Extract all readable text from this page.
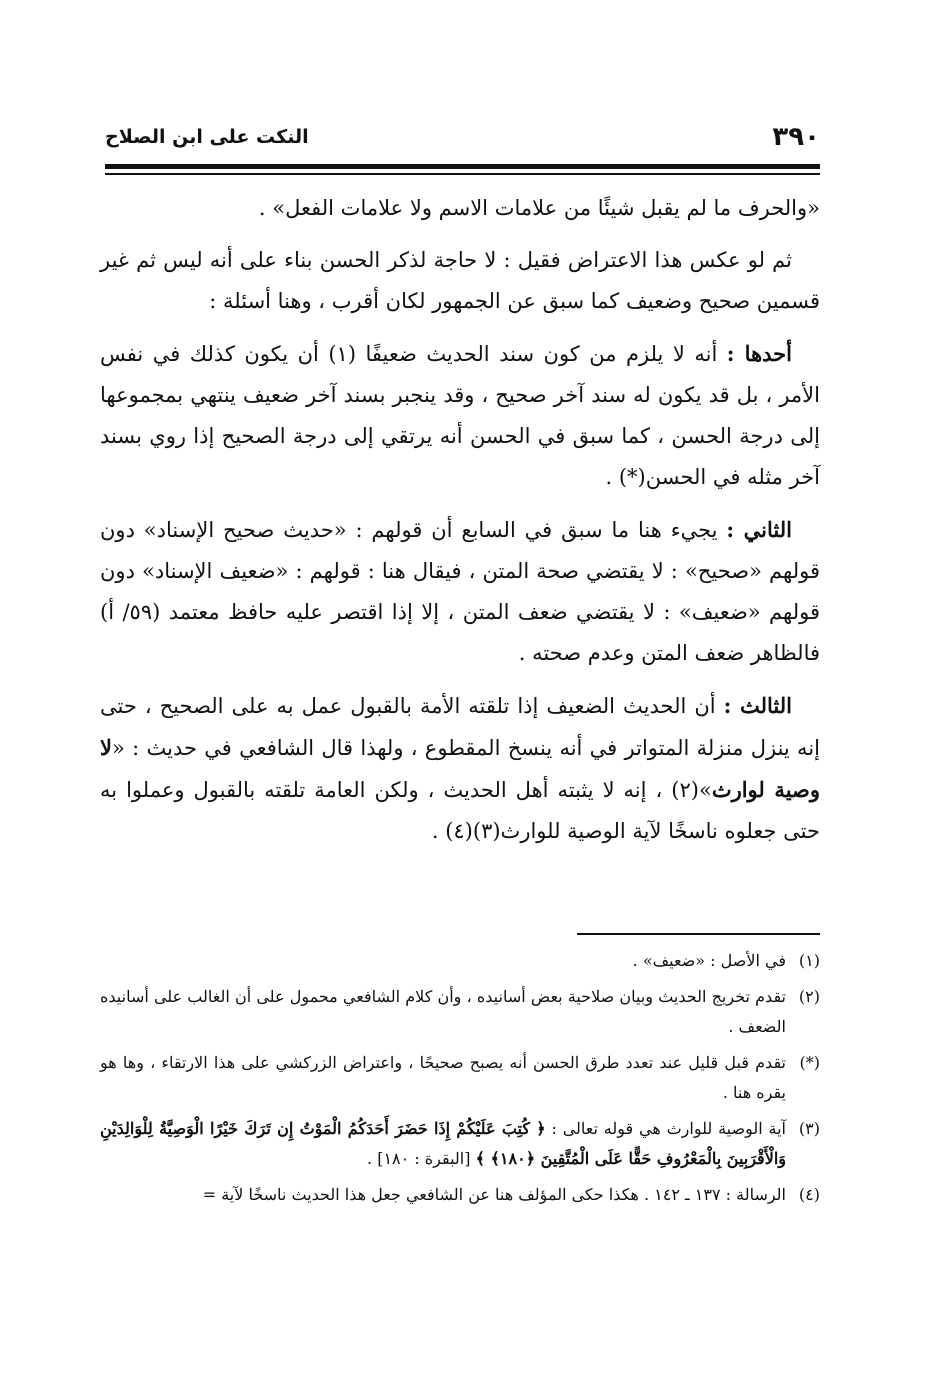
٣٩٠
النكت على ابن الصلاح

«والحرف ما لم يقبل شيئًا من علامات الاسم ولا علامات الفعل» .

ثم لو عكس هذا الاعتراض فقيل : لا حاجة لذكر الحسن بناء على أنه ليس ثم غير قسمين صحيح وضعيف كما سبق عن الجمهور لكان أقرب ، وهنا أسئلة :

أحدها : أنه لا يلزم من كون سند الحديث ضعيفًا (١) أن يكون كذلك في نفس الأمر ، بل قد يكون له سند آخر صحيح ، وقد ينجبر بسند آخر ضعيف ينتهي بمجموعها إلى درجة الحسن ، كما سبق في الحسن أنه يرتقي إلى درجة الصحيح إذا روي بسند آخر مثله في الحسن(*) .

الثاني : يجيء هنا ما سبق في السابع أن قولهم : «حديث صحيح الإسناد» دون قولهم «صحيح» : لا يقتضي صحة المتن ، فيقال هنا : قولهم : «ضعيف الإسناد» دون قولهم «ضعيف» : لا يقتضي ضعف المتن ، إلا إذا اقتصر عليه حافظ معتمد (٥٩/ أ) فالظاهر ضعف المتن وعدم صحته .

الثالث : أن الحديث الضعيف إذا تلقته الأمة بالقبول عمل به على الصحيح ، حتى إنه ينزل منزلة المتواتر في أنه ينسخ المقطوع ، ولهذا قال الشافعي في حديث : «لا وصية لوارث»(٢) ، إنه لا يثبته أهل الحديث ، ولكن العامة تلقته بالقبول وعملوا به حتى جعلوه ناسخًا لآية الوصية للوارث(٣)(٤) .

(١)
في الأصل : «ضعيف» .
(٢)
تقدم تخريج الحديث وبيان صلاحية بعض أسانيده ، وأن كلام الشافعي محمول على أن الغالب على أسانيده الضعف .
(*)
تقدم قبل قليل عند تعدد طرق الحسن أنه يصبح صحيحًا ، واعتراض الزركشي على هذا الارتقاء ، وها هو يقره هنا .
(٣)
آية الوصية للوارث هي قوله تعالى : ﴿ كُتِبَ عَلَيْكُمْ إِذَا حَضَرَ أَحَدَكُمُ الْمَوْتُ إِن تَرَكَ خَيْرًا الْوَصِيَّةُ لِلْوَالِدَيْنِ وَالْأَقْرَبِينَ بِالْمَعْرُوفِ حَقًّا عَلَى الْمُتَّقِينَ ﴿١٨٠﴾ ﴾ [البقرة : ١٨٠] .
(٤)
الرسالة : ١٣٧ ـ ١٤٢ . هكذا حكى المؤلف هنا عن الشافعي جعل هذا الحديث ناسخًا لآية =
